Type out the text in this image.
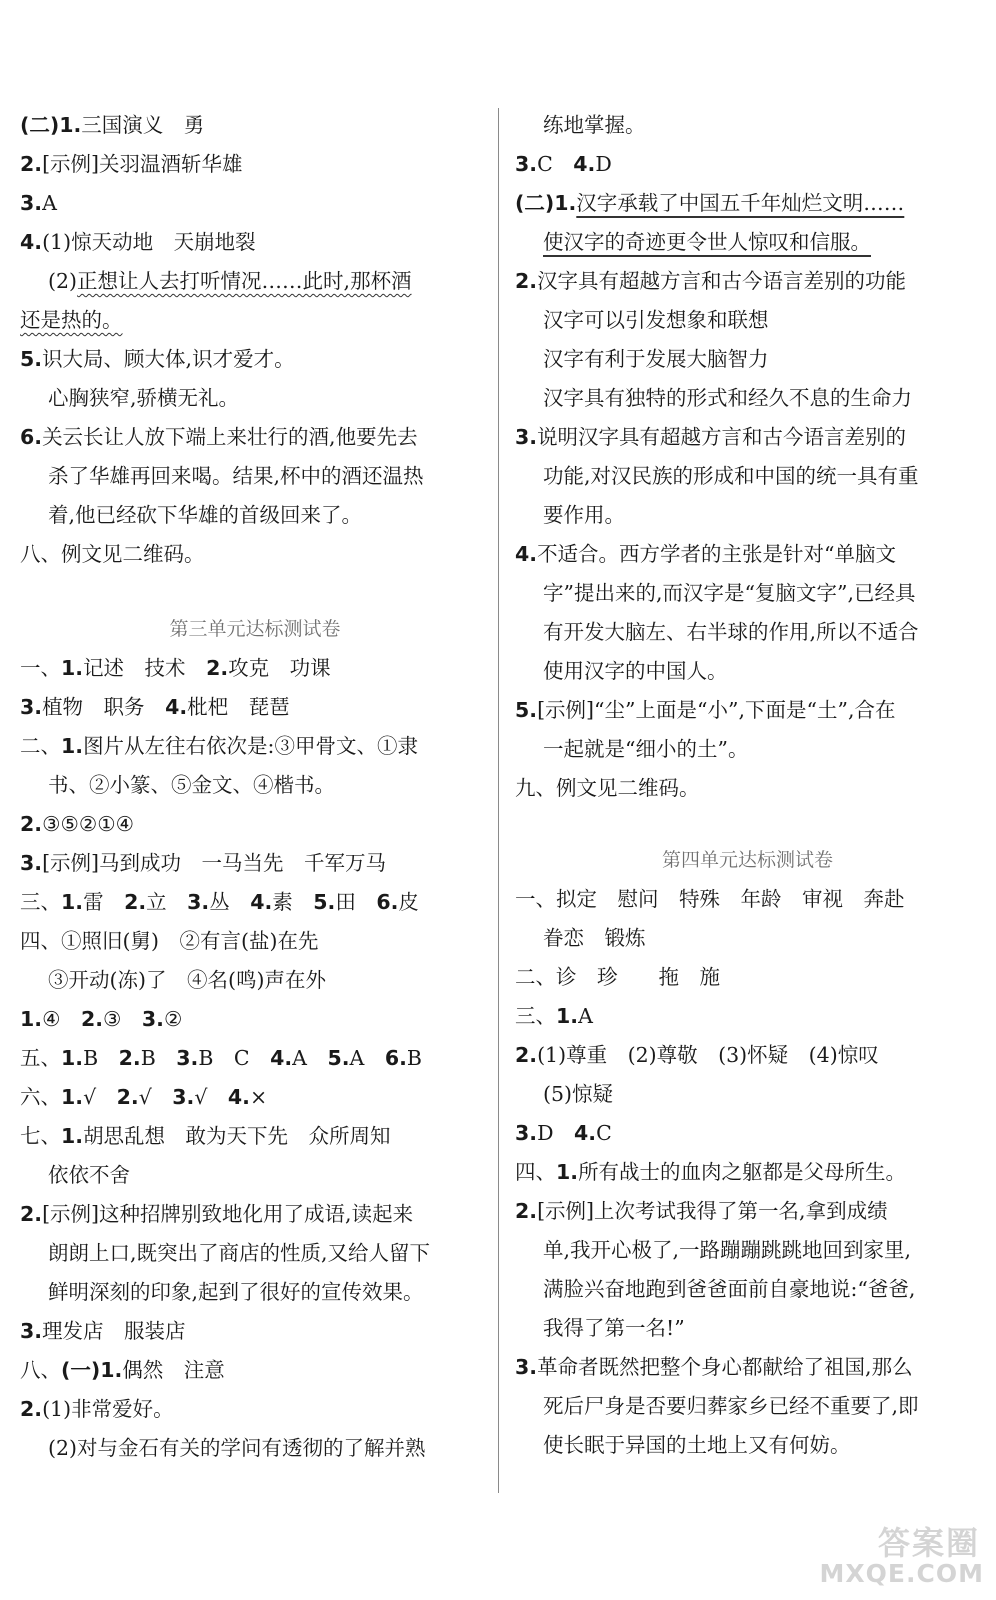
(二)1.三国演义　勇
2.[示例]关羽温酒斩华雄
3.A
4.(1)惊天动地　天崩地裂
(2)正想让人去打听情况……此时,那杯酒
还是热的。
5.识大局、顾大体,识才爱才。
心胸狭窄,骄横无礼。
6.关云长让人放下端上来壮行的酒,他要先去
杀了华雄再回来喝。结果,杯中的酒还温热
着,他已经砍下华雄的首级回来了。
八、例文见二维码。
第三单元达标测试卷
一、1.记述　技术　2.攻克　功课
3.植物　职务　4.枇杷　琵琶
二、1.图片从左往右依次是:③甲骨文、①隶
书、②小篆、⑤金文、④楷书。
2.③⑤②①④
3.[示例]马到成功　一马当先　千军万马
三、1.雷　2.立　3.丛　4.素　5.田　6.皮
四、①照旧(舅)　②有言(盐)在先
③开动(冻)了　④名(鸣)声在外
1.④　2.③　3.②
五、1.B　2.B　3.B　C　4.A　5.A　6.B
六、1.√　2.√　3.√　4.×
七、1.胡思乱想　敢为天下先　众所周知
依依不舍
2.[示例]这种招牌别致地化用了成语,读起来
朗朗上口,既突出了商店的性质,又给人留下
鲜明深刻的印象,起到了很好的宣传效果。
3.理发店　服装店
八、(一)1.偶然　注意
2.(1)非常爱好。
(2)对与金石有关的学问有透彻的了解并熟
练地掌握。
3.C　4.D
(二)1.汉字承载了中国五千年灿烂文明……
使汉字的奇迹更令世人惊叹和信服。
2.汉字具有超越方言和古今语言差别的功能
汉字可以引发想象和联想
汉字有利于发展大脑智力
汉字具有独特的形式和经久不息的生命力
3.说明汉字具有超越方言和古今语言差别的
功能,对汉民族的形成和中国的统一具有重
要作用。
4.不适合。西方学者的主张是针对“单脑文
字”提出来的,而汉字是“复脑文字”,已经具
有开发大脑左、右半球的作用,所以不适合
使用汉字的中国人。
5.[示例]“尘”上面是“小”,下面是“土”,合在
一起就是“细小的土”。
九、例文见二维码。
第四单元达标测试卷
一、拟定　慰问　特殊　年龄　审视　奔赴
眷恋　锻炼
二、诊　珍　　拖　施
三、1.A
2.(1)尊重　(2)尊敬　(3)怀疑　(4)惊叹
(5)惊疑
3.D　4.C
四、1.所有战士的血肉之躯都是父母所生。
2.[示例]上次考试我得了第一名,拿到成绩
单,我开心极了,一路蹦蹦跳跳地回到家里,
满脸兴奋地跑到爸爸面前自豪地说:“爸爸,
我得了第一名!”
3.革命者既然把整个身心都献给了祖国,那么
死后尸身是否要归葬家乡已经不重要了,即
使长眠于异国的土地上又有何妨。
答案圈
MXQE.COM
